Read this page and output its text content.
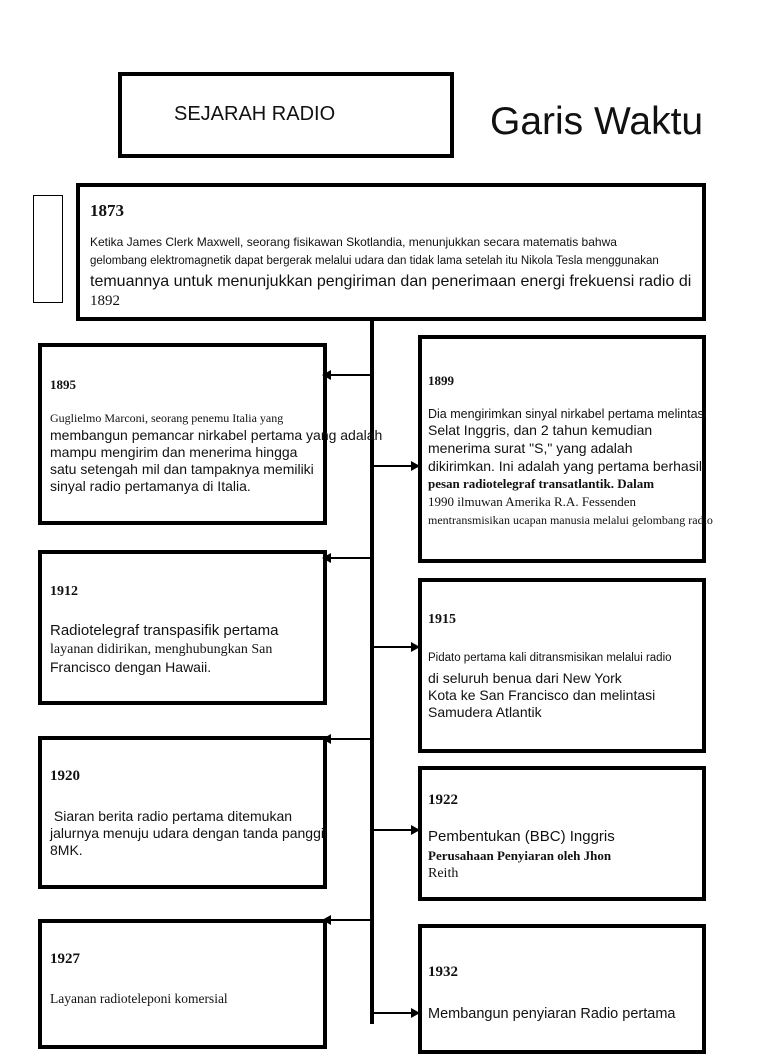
SEJARAH RADIO	Garis Waktu
1873
Ketika James Clerk Maxwell, seorang fisikawan Skotlandia, menunjukkan secara matematis bahwa
gelombang elektromagnetik dapat bergerak melalui udara dan tidak lama setelah itu Nikola Tesla menggunakan
temuannya untuk menunjukkan pengiriman dan penerimaan energi frekuensi radio di
1892
1895
Guglielmo Marconi, seorang penemu Italia yang
membangun pemancar nirkabel pertama yang adalah
mampu mengirim dan menerima hingga
satu setengah mil dan tampaknya memiliki
sinyal radio pertamanya di Italia.
1899
Dia mengirimkan sinyal nirkabel pertama melintasi
Selat Inggris, dan 2 tahun kemudian
menerima surat "S," yang adalah
dikirimkan. Ini adalah yang pertama berhasil
pesan radiotelegraf transatlantik. Dalam
1990 ilmuwan Amerika R.A. Fessenden
mentransmisikan ucapan manusia melalui gelombang radio
1912
Radiotelegraf transpasifik pertama
layanan didirikan, menghubungkan San
Francisco dengan Hawaii.
1915
Pidato pertama kali ditransmisikan melalui radio
di seluruh benua dari New York
Kota ke San Francisco dan melintasi
Samudera Atlantik
1920
Siaran berita radio pertama ditemukan
jalurnya menuju udara dengan tanda panggil
8MK.
1922
Pembentukan (BBC) Inggris
Perusahaan Penyiaran oleh Jhon
Reith
1927
Layanan radioteleponi komersial
1932
Membangun penyiaran Radio pertama
